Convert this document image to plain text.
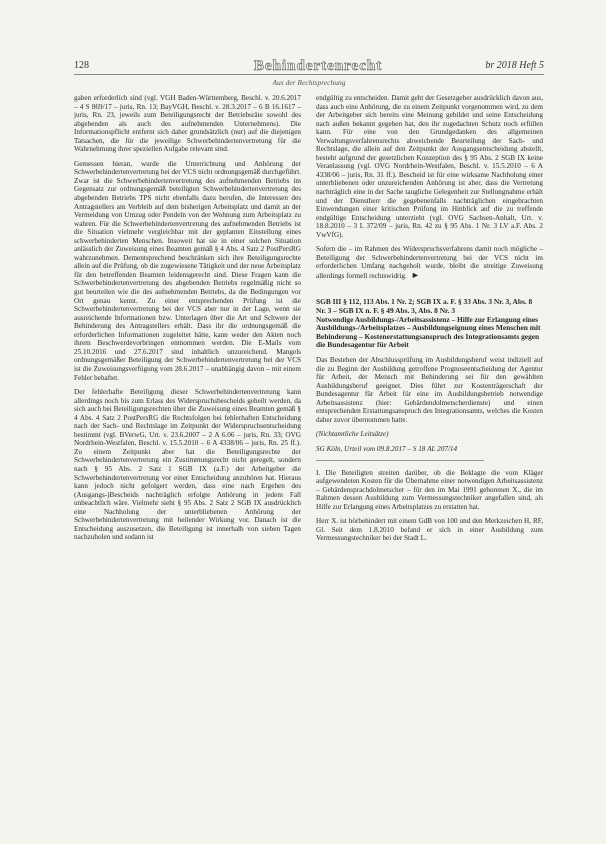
128	Behindertenrecht	br 2018 Heft 5
Aus der Rechtsprechung

gaben erforderlich sind (vgl. VGH Baden-Württemberg, Beschl. v. 20.6.2017 – 4 S 869/17 – juris, Rn. 13; BayVGH, Beschl. v. 28.3.2017 – 6 B 16.1617 – juris, Rn. 23, jeweils zum Beteiligungsrecht der Betriebsräte sowohl des abgebenden als auch des aufnehmenden Unternehmens). Die Informationspflicht entfernt sich daher grundsätzlich (nur) auf die diejenigen Tatsachen, die für die jeweilige Schwerbehindertenvertretung für die Wahrnehmung ihrer speziellen Aufgabe relevant sind.

Gemessen hieran, wurde die Unterrichtung und Anhörung der Schwerbehindertenvertretung bei der VCS nicht ordnungsgemäß durchgeführt. Zwar ist die Schwerbehindertenvertretung des aufnehmenden Betriebs im Gegensatz zur ordnungsgemäß beteiligten Schwerbehindertenvertretung des abgebenden Betriebs TPS nicht ebenfalls dazu berufen, die Interessen des Antragstellers am Verbleib auf dem bisherigen Arbeitsplatz und damit an der Vermeidung von Umzug oder Pendeln von der Wohnung zum Arbeitsplatz zu wahren. Für die Schwerbehindertenvertretung des aufnehmenden Betriebs ist die Situation vielmehr vergleichbar mit der geplanten Einstellung eines schwerbehinderten Menschen. Insoweit hat sie in einer solchen Situation anlässlich der Zuweisung eines Beamten gemäß § 4 Abs. 4 Satz 2 PostPersRG wahrzunehmen. Dementsprechend beschränken sich ihre Beteiligungsrechte allein auf die Prüfung, ob die zugewiesene Tätigkeit und der neue Arbeitsplatz für den betreffenden Beamten leidensgerecht sind. Diese Fragen kann die Schwerbehindertenvertretung des abgebenden Betriebs regelmäßig nicht so gut beurteilen wie die des aufnehmenden Betriebs, da die Bedingungen vor Ort genau kennt. Zu einer entsprechenden Prüfung ist die Schwerbehindertenvertretung bei der VCS aber nur in der Lage, wenn sie ausreichende Informationen bzw. Unterlagen über die Art und Schwere der Behinderung des Antragstellers erhält. Dass ihr die ordnungsgemäß die erforderlichen Informationen zugeleitet hätte, kann weder den Akten noch ihrem Beschwerdevorbringen entnommen werden. Die E-Mails vom 25.10.2016 und 27.6.2017 sind inhaltlich unzureichend. Mangels ordnungsgemäßer Beteiligung der Schwerbehindertenvertretung bei der VCS ist die Zuweisungsverfügung vom 28.6.2017 – unabhängig davon – mit einem Fehler behaftet.

Der fehlerhafte Beteiligung dieser Schwerbehindertenvertretung kann allerdings noch bis zum Erlass des Widerspruchsbescheids geheilt werden, da sich auch bei Beteiligungsrechten über die Zuweisung eines Beamten gemäß § 4 Abs. 4 Satz 2 PostPersRG die Rechtsfolgen bei fehlerhaften Entscheidung nach der Sach- und Rechtslage im Zeitpunkt der Widerspruchsentscheidung bestimmt (vgl. BVerwG, Urt. v. 23.6.2007 – 2 A 6.06 – juris, Rn. 33; OVG Nordrhein-Westfalen, Beschl. v. 15.5.2010 – 6 A 4338/06 – juris, Rn. 25 ff.). Zu einem Zeitpunkt aber hat die Beteiligungsrechte der Schwerbehindertenvertretung ein Zustimmungsrecht nicht geregelt, sondern nach § 95 Abs. 2 Satz 1 SGB IX (a.F.) der Arbeitgeber die Schwerbehindertenvertretung vor einer Entscheidung anzuhören hat. Hieraus kann jedoch nicht gefolgert werden, dass eine nach Ergehen des (Ausgangs-)Bescheids nachträglich erfolgte Anhörung in jedem Fall unbeachtlich wäre. Vielmehr sieht § 95 Abs. 2 Satz 2 SGB IX ausdrücklich eine Nachholung der unterbliebenen Anhörung der Schwerbehindertenvertretung mit heilender Wirkung vor. Danach ist die Entscheidung auszusetzen, die Beteiligung ist innerhalb von sieben Tagen nachzuholen und sodann ist

endgültig zu entscheiden. Damit geht der Gesetzgeber ausdrücklich davon aus, dass auch eine Anhörung, die zu einem Zeitpunkt vorgenommen wird, zu dem der Arbeitgeber sich bereits eine Meinung gebildet und seine Entscheidung nach außen bekannt gegeben hat, den ihr zugedachten Schutz noch erfüllen kann. Für eine von den Grundgedanken des allgemeinen Verwaltungsverfahrensrechts abweichende Beurteilung der Sach- und Rechtslage, die allein auf den Zeitpunkt der Ausgangsentscheidung abstellt, besteht aufgrund der gesetzlichen Konzeption des § 95 Abs. 2 SGB IX keine Veranlassung (vgl. OVG Nordrhein-Westfalen, Beschl. v. 15.5.2010 – 6 A 4338/06 – juris, Rn. 31 ff.). Bescheid ist für eine wirksame Nachholung einer unterbliebenen oder unzureichenden Anhörung ist aber, dass die Vertretung nachträglich eine in der Sache taugliche Gelegenheit zur Stellungnahme erhält und der Dienstherr die gegebenenfalls nachträglichen eingebrachten Einwendungen einer kritischen Prüfung im Hinblick auf die zu treffende endgültige Entscheidung unterzieht (vgl. OVG Sachsen-Anhalt, Urt. v. 18.8.2010 – 3 L 372/09 – juris, Rn. 42 zu § 95 Abs. 1 Nr. 3 LV a.F. Abs. 2 VwVfG).

Sofern die – im Rahmen des Widerspruchsverfahrens damit noch mögliche – Beteiligung der Schwerbehindertenvertretung bei der VCS nicht im erforderlichen Umfang nachgeholt wurde, bleibt die streitige Zuweisung allerdings formell rechtswidrig. ►

SGB III § 112, 113 Abs. 1 Nr. 2; SGB IX a. F. § 33 Abs. 3 Nr. 3, Abs. 8 Nr. 3 – SGB IX n. F. § 49 Abs. 3, Abs. 8 Nr. 3
Notwendige Ausbildungs-/Arbeitsassistenz – Hilfe zur Erlangung eines Ausbildungs-/Arbeitsplatzes – Ausbildungseignung eines Menschen mit Behinderung – Kostenerstattungsanspruch des Integrationsamts gegen die Bundesagentur für Arbeit

Das Bestehen der Abschlussprüfung im Ausbildungsberuf weist indiziell auf die zu Beginn der Ausbildung getroffene Prognoseentscheidung der Agentur für Arbeit, der Mensch mit Behinderung sei für den gewählten Ausbildungsberuf geeignet. Dies führt zur Kostenträgerschaft der Bundesagentur für Arbeit für eine im Ausbildungsbetrieb notwendige Arbeitsassistenz (hier: Gebärdendolmetscherdienste) und einen entsprechenden Erstattungsanspruch des Integrationsamts, welches die Kosten daher zuvor übernommen hatte.

(Nichtamtliche Leitsätze)

SG Köln, Urteil vom 09.8.2017 – S 18 AL 207/14

I. Die Beteiligten streiten darüber, ob die Beklagte die vom Kläger aufgewendeten Kosten für die Übernahme einer notwendigen Arbeitsassistenz – Gebärdensprachdolmetscher – für den im Mai 1991 geborenen X., die im Rahmen dessen Ausbildung zum Vermessungstechniker angefallen sind, als Hilfe zur Erlangung eines Arbeitsplatzes zu erstatten hat.

Herr X. ist hörbehindert mit einem GdB von 100 und den Merkzeichen H, RF, Gl. Seit dem 1.8.2010 befand er sich in einer Ausbildung zum Vermessungstechniker bei der Stadt L.
